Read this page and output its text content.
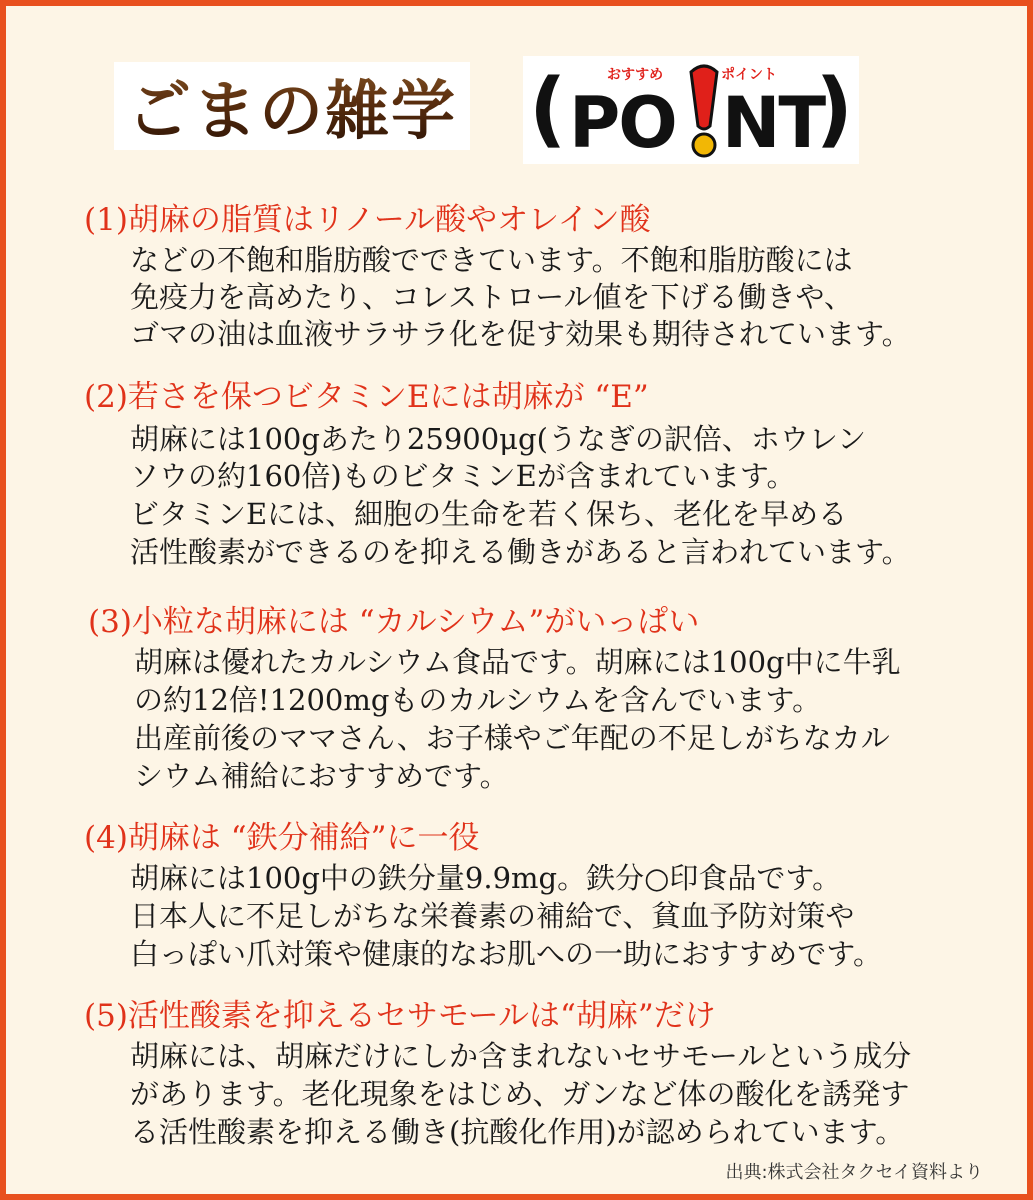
ごまの雑学 (	おすすめ	ポイント
PO NT
)
(1)胡麻の脂質はリノール酸やオレイン酸
などの不飽和脂肪酸でできています。不飽和脂肪酸には
免疫力を高めたり、コレストロール値を下げる働きや、
ゴマの油は血液サラサラ化を促す効果も期待されています。
(2)若さを保つビタミンEには胡麻が “E”
胡麻には100gあたり25900μg(うなぎの訳倍、ホウレン
ソウの約160倍)ものビタミンEが含まれています。
ビタミンEには、細胞の生命を若く保ち、老化を早める
活性酸素ができるのを抑える働きがあると言われています。
(3)小粒な胡麻には “カルシウム”がいっぱい
胡麻は優れたカルシウム食品です。胡麻には100g中に牛乳
の約12倍!1200mgものカルシウムを含んでいます。
出産前後のママさん、お子様やご年配の不足しがちなカル
シウム補給におすすめです。
(4)胡麻は “鉄分補給”に一役
胡麻には100g中の鉄分量9.9mg。鉄分○印食品です。
日本人に不足しがちな栄養素の補給で、貧血予防対策や
白っぽい爪対策や健康的なお肌への一助におすすめです。
(5)活性酸素を抑えるセサモールは“胡麻”だけ
胡麻には、胡麻だけにしか含まれないセサモールという成分
があります。老化現象をはじめ、ガンなど体の酸化を誘発す
る活性酸素を抑える働き(抗酸化作用)が認められています。
出典:株式会社タクセイ資料より
